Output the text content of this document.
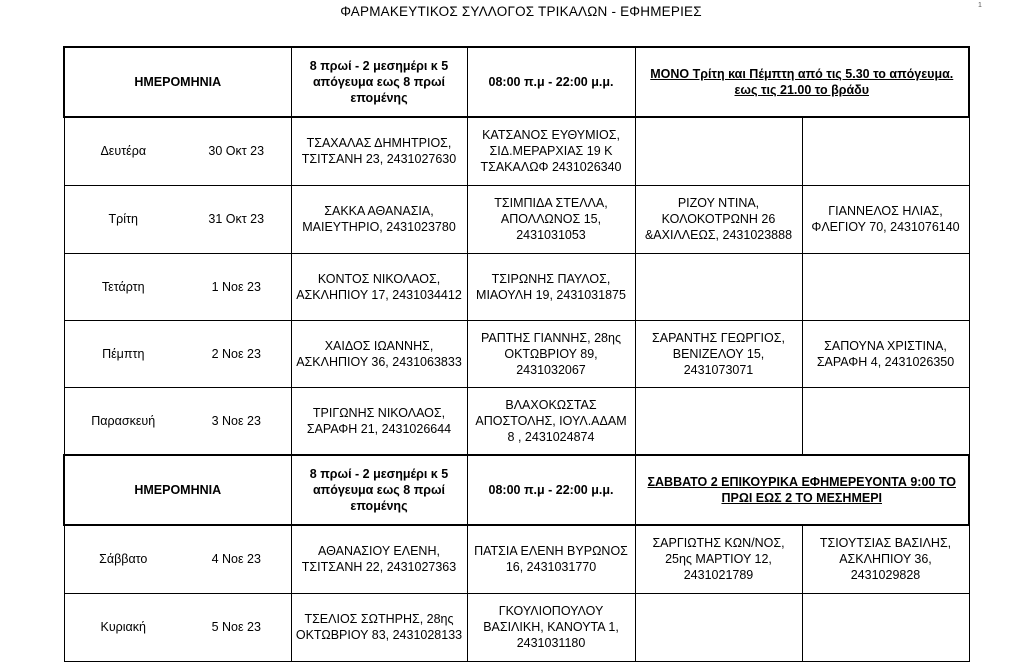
ΦΑΡΜΑΚΕΥΤΙΚΟΣ ΣΥΛΛΟΓΟΣ ΤΡΙΚΑΛΩΝ - ΕΦΗΜΕΡΙΕΣ	1
ΗΜΕΡΟΜΗΝΙΑ		8 πρωί - 2 μεσημέρι κ 5 απόγευμα εως 8 πρωί επομένης	08:00 π.μ - 22:00 μ.μ.	ΜΟΝΟ Τρίτη και Πέμπτη από τις 5.30 το απόγευμα. εως τις 21.00 το βράδυ	
Δευτέρα	30 Οκτ 23	ΤΣΑΧΑΛΑΣ ΔΗΜΗΤΡΙΟΣ, ΤΣΙΤΣΑΝΗ 23, 2431027630	ΚΑΤΣΑΝΟΣ ΕΥΘΥΜΙΟΣ, ΣΙΔ.ΜΕΡΑΡΧΙΑΣ 19 Κ ΤΣΑΚΑΛΩΦ 2431026340		
Τρίτη	31 Οκτ 23	ΣΑΚΚΑ ΑΘΑΝΑΣΙΑ, ΜΑΙΕΥΤΗΡΙΟ, 2431023780	ΤΣΙΜΠΙΔΑ ΣΤΕΛΛΑ, ΑΠΟΛΛΩΝΟΣ 15, 2431031053	ΡΙΖΟΥ ΝΤΙΝΑ, ΚΟΛΟΚΟΤΡΩΝΗ 26 &ΑΧΙΛΛΕΩΣ, 2431023888	ΓΙΑΝΝΕΛΟΣ ΗΛΙΑΣ, ΦΛΕΓΙΟΥ 70, 2431076140
Τετάρτη	1 Νοε 23	ΚΟΝΤΟΣ ΝΙΚΟΛΑΟΣ, ΑΣΚΛΗΠΙΟΥ 17, 2431034412	ΤΣΙΡΩΝΗΣ ΠΑΥΛΟΣ, ΜΙΑΟΥΛΗ 19, 2431031875		
Πέμπτη	2 Νοε 23	ΧΑΙΔΟΣ ΙΩΑΝΝΗΣ, ΑΣΚΛΗΠΙΟΥ 36, 2431063833	ΡΑΠΤΗΣ ΓΙΑΝΝΗΣ, 28ης ΟΚΤΩΒΡΙΟΥ 89, 2431032067	ΣΑΡΑΝΤΗΣ ΓΕΩΡΓΙΟΣ, ΒΕΝΙΖΕΛΟΥ 15, 2431073071	ΣΑΠΟΥΝΑ ΧΡΙΣΤΙΝΑ, ΣΑΡΑΦΗ 4, 2431026350
Παρασκευή	3 Νοε 23	ΤΡΙΓΩΝΗΣ ΝΙΚΟΛΑΟΣ, ΣΑΡΑΦΗ 21, 2431026644	ΒΛΑΧΟΚΩΣΤΑΣ ΑΠΟΣΤΟΛΗΣ, ΙΟΥΛ.ΑΔΑΜ 8 , 2431024874		
ΗΜΕΡΟΜΗΝΙΑ		8 πρωί - 2 μεσημέρι κ 5 απόγευμα εως 8 πρωί επομένης	08:00 π.μ - 22:00 μ.μ.	ΣΑΒΒΑΤΟ 2 ΕΠΙΚΟΥΡΙΚΑ ΕΦΗΜΕΡΕΥΟΝΤΑ 9:00 ΤΟ ΠΡΩΙ ΕΩΣ 2 ΤΟ ΜΕΣΗΜΕΡΙ	
Σάββατο	4 Νοε 23	ΑΘΑΝΑΣΙΟΥ ΕΛΕΝΗ, ΤΣΙΤΣΑΝΗ 22, 2431027363	ΠΑΤΣΙΑ ΕΛΕΝΗ ΒΥΡΩΝΟΣ 16, 2431031770	ΣΑΡΓΙΩΤΗΣ ΚΩΝ/ΝΟΣ, 25ης ΜΑΡΤΙΟΥ 12, 2431021789	ΤΣΙΟΥΤΣΙΑΣ ΒΑΣΙΛΗΣ, ΑΣΚΛΗΠΙΟΥ 36, 2431029828
Κυριακή	5 Νοε 23	ΤΣΕΛΙΟΣ ΣΩΤΗΡΗΣ, 28ης ΟΚΤΩΒΡΙΟΥ 83, 2431028133	ΓΚΟΥΛΙΟΠΟΥΛΟΥ ΒΑΣΙΛΙΚΗ, ΚΑΝΟΥΤΑ 1, 2431031180		
